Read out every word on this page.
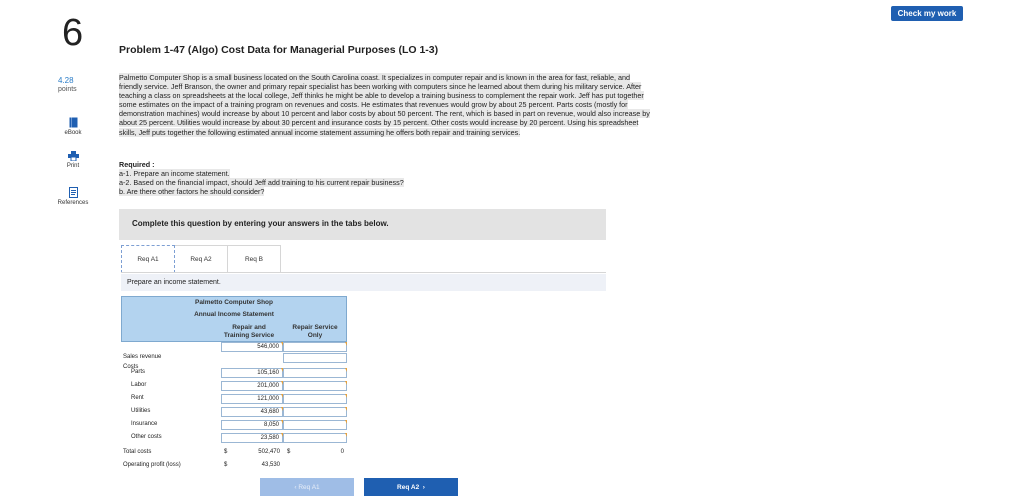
6	Check my work
4.28
points
eBook
Print
References
Problem 1-47 (Algo) Cost Data for Managerial Purposes (LO 1-3)
Palmetto Computer Shop is a small business located on the South Carolina coast. It specializes in computer repair and is known in the area for fast, reliable, and friendly service. Jeff Branson, the owner and primary repair specialist has been working with computers since he learned about them during his military service. After teaching a class on spreadsheets at the local college, Jeff thinks he might be able to develop a training business to complement the repair work. Jeff has put together some estimates on the impact of a training program on revenues and costs. He estimates that revenues would grow by about 25 percent. Parts costs (mostly for demonstration machines) would increase by about 10 percent and labor costs by about 50 percent. The rent, which is based in part on revenue, would also increase by about 25 percent. Utilities would increase by about 30 percent and insurance costs by 15 percent. Other costs would increase by 20 percent. Using his spreadsheet skills, Jeff puts together the following estimated annual income statement assuming he offers both repair and training services.
Required :
a-1. Prepare an income statement.
a-2. Based on the financial impact, should Jeff add training to his current repair business?
b. Are there other factors he should consider?
Complete this question by entering your answers in the tabs below.
Req A1	Req A2	Req B
Prepare an income statement.
Palmetto Computer Shop
Annual Income Statement
Repair and
Training Service
Repair Service
Only
Sales revenue
546,000
Costs
Parts	105,160
Labor	201,000
Rent	121,000
Utilities	43,680
Insurance	8,050
Other costs	23,580
Total costs	$	502,470 $	0
Operating profit (loss)	$	43,530
‹ Req A1	Req A2 ›
